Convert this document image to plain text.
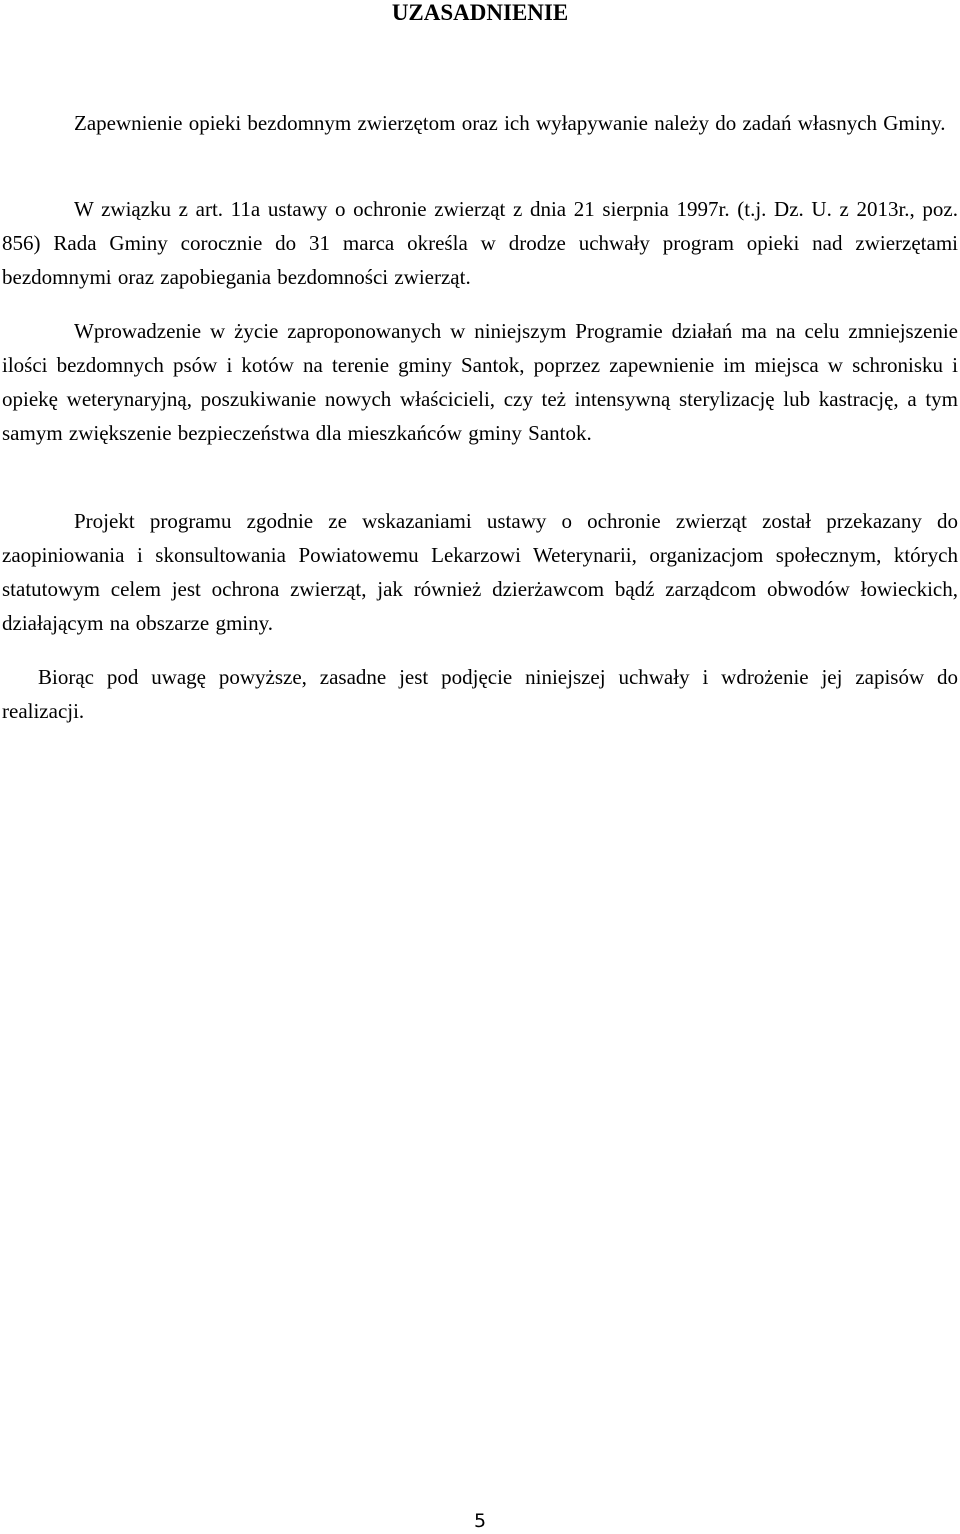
UZASADNIENIE

Zapewnienie opieki bezdomnym zwierzętom oraz ich wyłapywanie należy do zadań własnych Gminy.

W związku z art. 11a ustawy o ochronie zwierząt z dnia 21 sierpnia 1997r. (t.j. Dz. U. z 2013r., poz. 856) Rada Gminy corocznie do 31 marca określa w drodze uchwały program opieki nad zwierzętami bezdomnymi oraz zapobiegania bezdomności zwierząt.

Wprowadzenie w życie zaproponowanych w niniejszym Programie działań ma na celu zmniejszenie ilości bezdomnych psów i kotów na terenie gminy Santok, poprzez zapewnienie im miejsca w schronisku i opiekę weterynaryjną, poszukiwanie nowych właścicieli, czy też intensywną sterylizację lub kastrację, a tym samym zwiększenie bezpieczeństwa dla mieszkańców gminy Santok.

Projekt programu zgodnie ze wskazaniami ustawy o ochronie zwierząt został przekazany do zaopiniowania i skonsultowania Powiatowemu Lekarzowi Weterynarii, organizacjom społecznym, których statutowym celem jest ochrona zwierząt, jak również dzierżawcom bądź zarządcom obwodów łowieckich, działającym na obszarze gminy.

Biorąc pod uwagę powyższe, zasadne jest podjęcie niniejszej uchwały i wdrożenie jej zapisów do realizacji.

5
